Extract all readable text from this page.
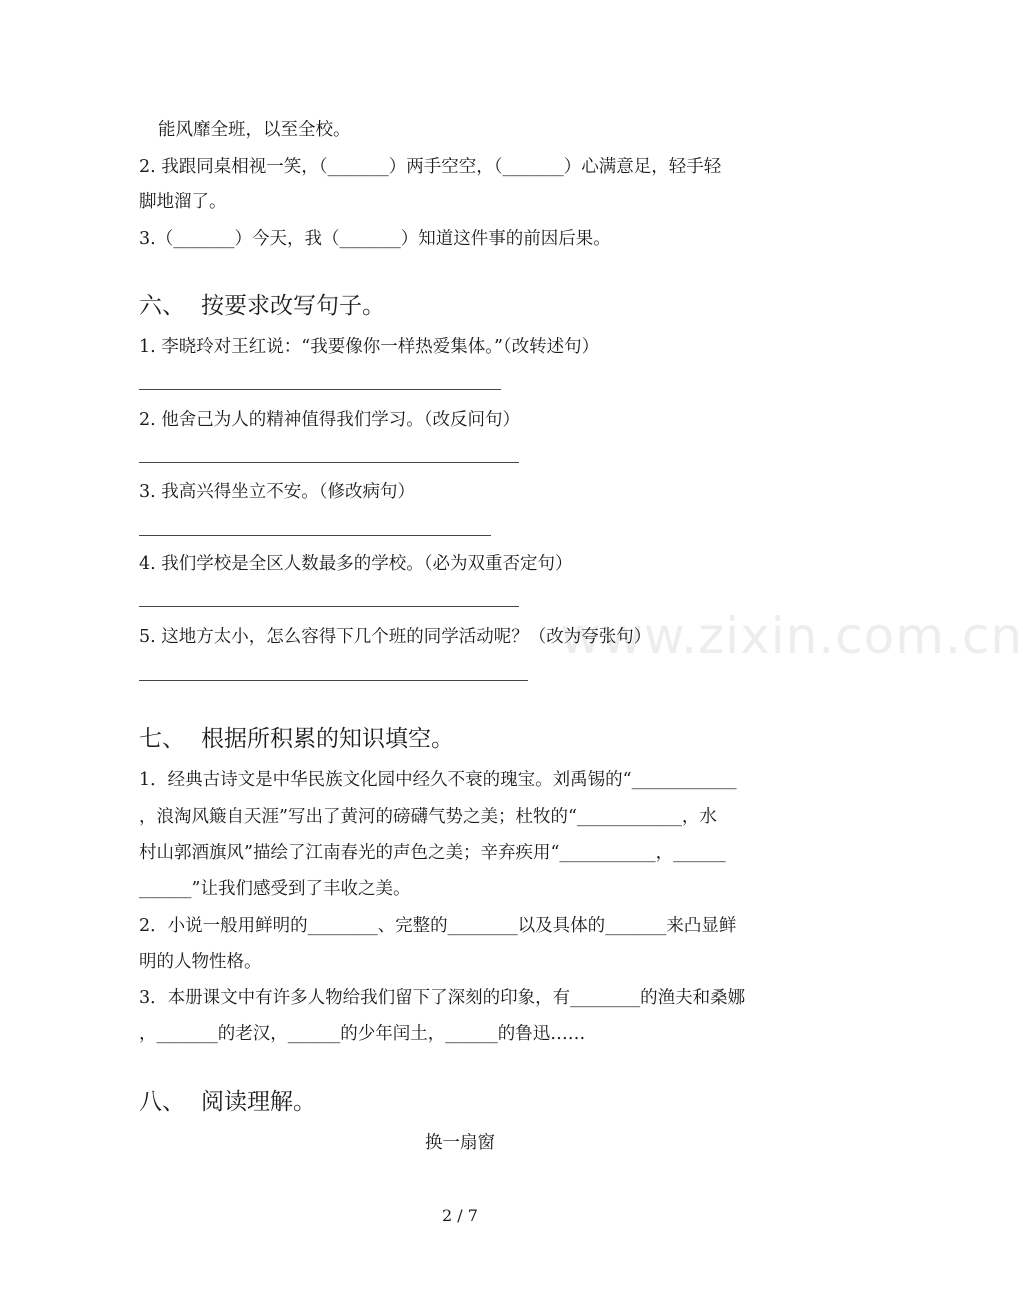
能风靡全班，以至全校。
2. 我跟同桌相视一笑，（_______）两手空空，（_______）心满意足，轻手轻
脚地溜了。
3.（_______）今天，我（_______）知道这件事的前因后果。
六、 按要求改写句子。
1. 李晓玲对王红说：“我要像你一样热爱集体。”（改转述句）
2. 他舍己为人的精神值得我们学习。（改反问句）
3. 我高兴得坐立不安。（修改病句）
4. 我们学校是全区人数最多的学校。（必为双重否定句）
5. 这地方太小，怎么容得下几个班的同学活动呢？（改为夸张句）
www.zixin.com.cn
七、 根据所积累的知识填空。
1．经典古诗文是中华民族文化园中经久不衰的瑰宝。刘禹锡的“____________
，浪淘风簸自天涯”写出了黄河的磅礴气势之美；杜牧的“____________，水
村山郭酒旗风”描绘了江南春光的声色之美；辛弃疾用“___________，______
______”让我们感受到了丰收之美。
2．小说一般用鲜明的________、完整的________以及具体的_______来凸显鲜
明的人物性格。
3．本册课文中有许多人物给我们留下了深刻的印象，有________的渔夫和桑娜
，_______的老汉，______的少年闰土，______的鲁迅……
八、 阅读理解。
换一扇窗
2 / 7
